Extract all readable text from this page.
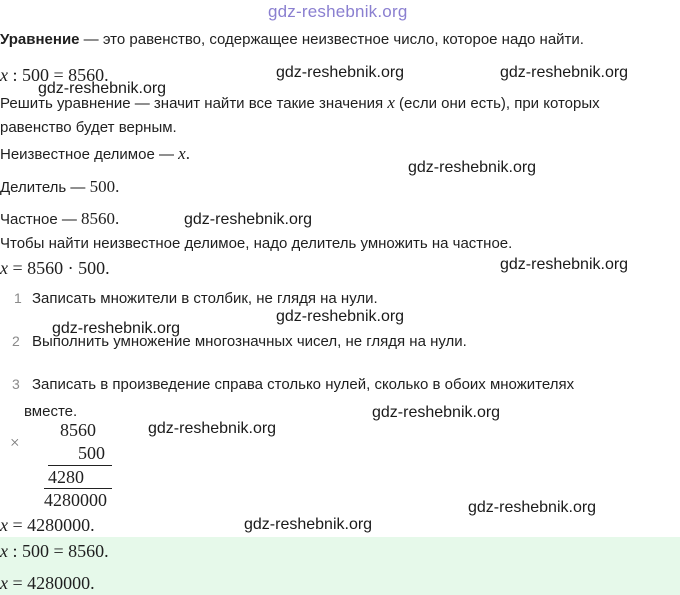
gdz-reshebnik.org
Уравнение — это равенство, содержащее неизвестное число, которое надо найти.
x : 500 = 8560.
Решить уравнение — значит найти все такие значения x (если они есть), при которых
равенство будет верным.
Неизвестное делимое — x.
Делитель — 500.
Частное — 8560.
Чтобы найти неизвестное делимое, надо делитель умножить на частное.
x = 8560 · 500.
1 Записать множители в столбик, не глядя на нули.
2 Выполнить умножение многозначных чисел, не глядя на нули.
3 Записать в произведение справа столько нулей, сколько в обоих множителях
вместе.
×
8560
500
4280
4280000
x = 4280000.
x : 500 = 8560.
x = 4280000.
gdz-reshebnik.org	gdz-reshebnik.org
gdz-reshebnik.org
gdz-reshebnik.org
gdz-reshebnik.org
gdz-reshebnik.org
gdz-reshebnik.org
gdz-reshebnik.org
gdz-reshebnik.org
gdz-reshebnik.org
gdz-reshebnik.org
gdz-reshebnik.org
